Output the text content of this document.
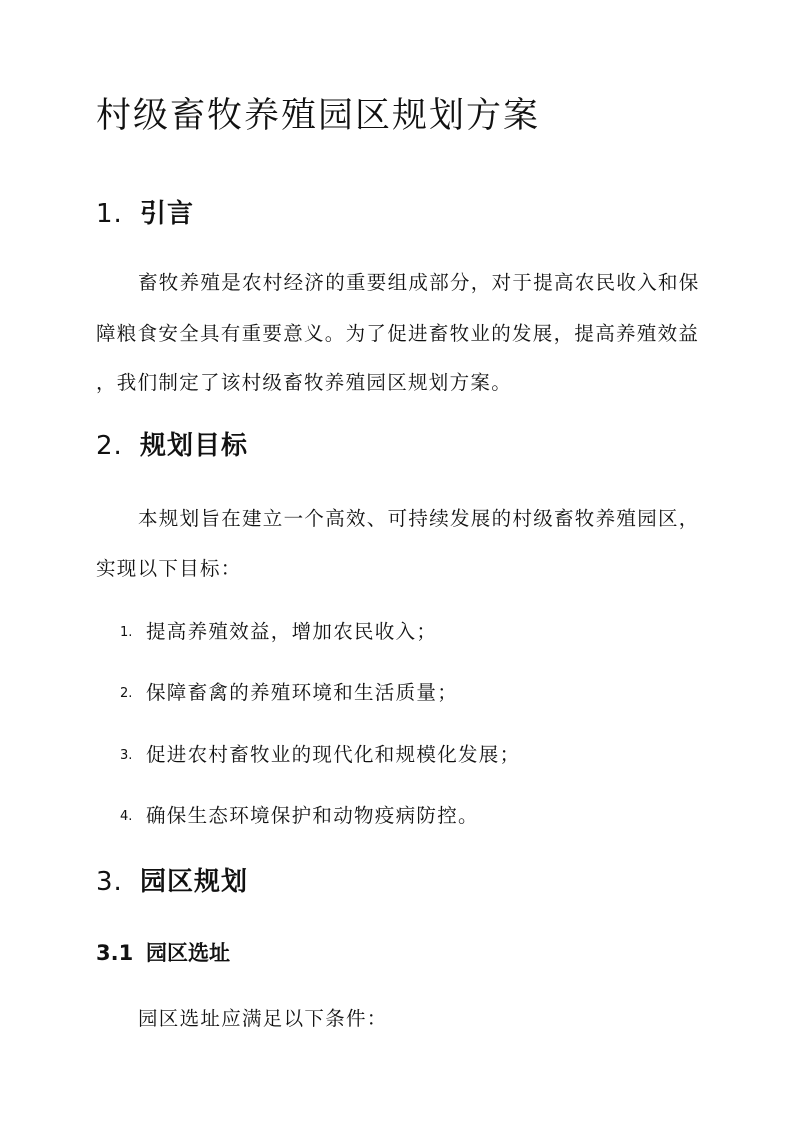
村级畜牧养殖园区规划方案
1. 引言
畜牧养殖是农村经济的重要组成部分，对于提高农民收入和保
障粮食安全具有重要意义。为了促进畜牧业的发展，提高养殖效益
，我们制定了该村级畜牧养殖园区规划方案。
2. 规划目标
本规划旨在建立一个高效、可持续发展的村级畜牧养殖园区，
实现以下目标：
1. 提高养殖效益，增加农民收入；
2. 保障畜禽的养殖环境和生活质量；
3. 促进农村畜牧业的现代化和规模化发展；
4. 确保生态环境保护和动物疫病防控。
3. 园区规划
3.1 园区选址
园区选址应满足以下条件：
